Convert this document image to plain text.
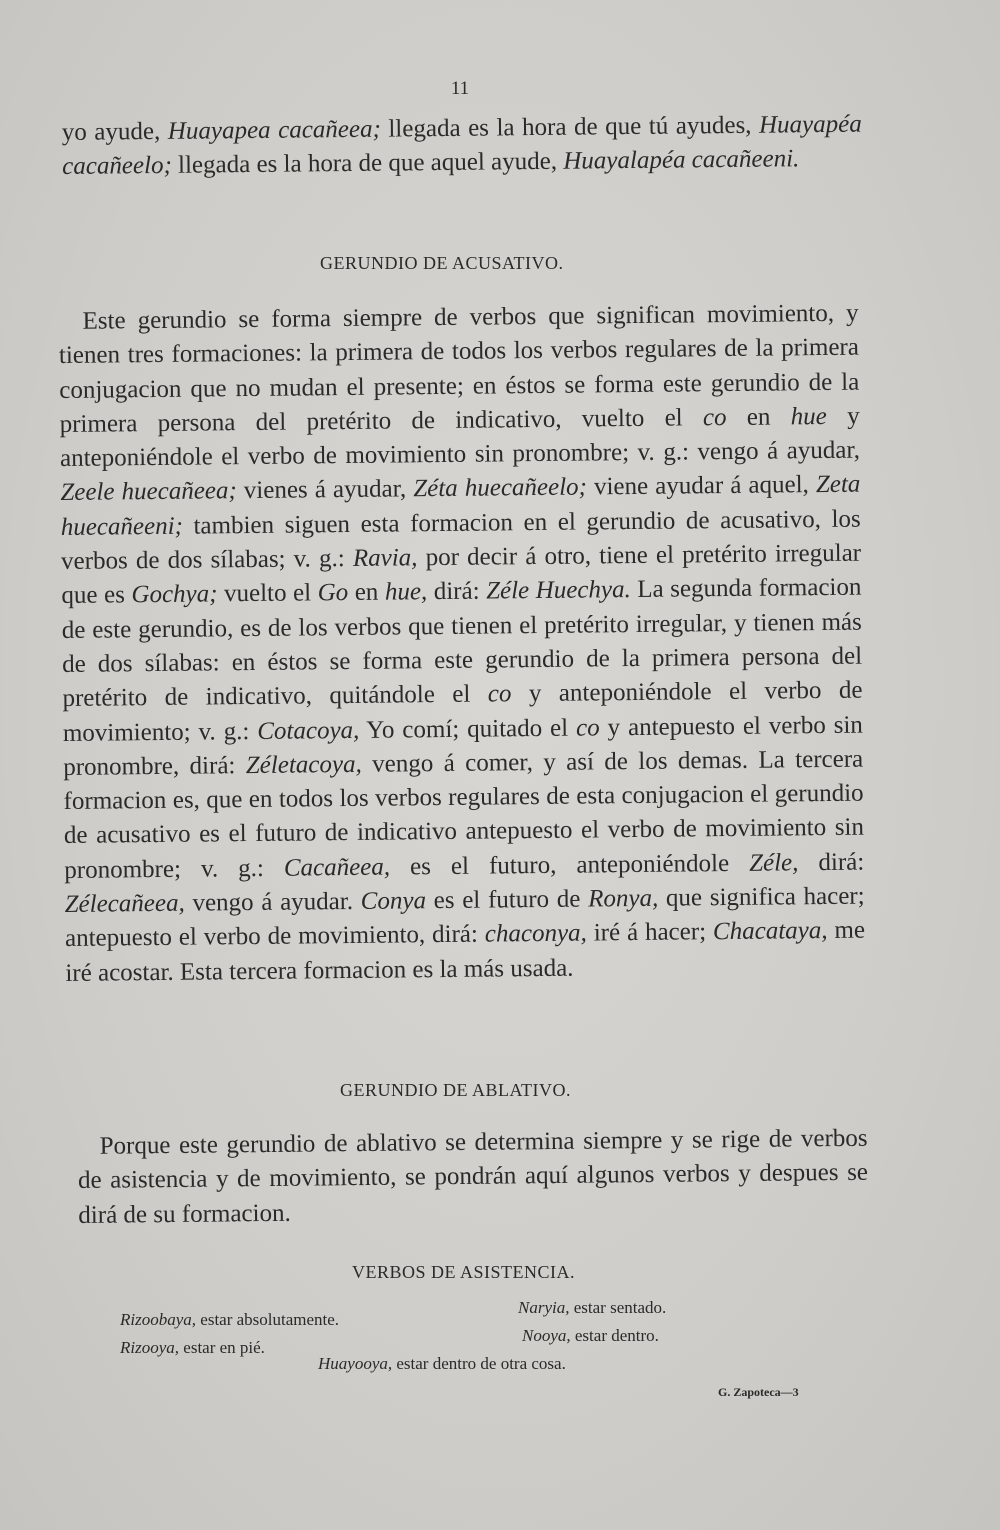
11
yo ayude, Huayapea cacañeea; llegada es la hora de que tú ayudes, Huayapéa cacañeelo; llegada es la hora de que aquel ayude, Huayalapéa cacañeeni.
GERUNDIO DE ACUSATIVO.
Este gerundio se forma siempre de verbos que significan movimiento, y tienen tres formaciones: la primera de todos los verbos regulares de la primera conjugacion que no mudan el presente; en éstos se forma este gerundio de la primera persona del pretérito de indicativo, vuelto el co en hue y anteponiéndole el verbo de movimiento sin pronombre; v. g.: vengo á ayudar, Zeele huecañeea; vienes á ayudar, Zéta huecañeelo; viene ayudar á aquel, Zeta huecañeeni; tambien siguen esta formacion en el gerundio de acusativo, los verbos de dos sílabas; v. g.: Ravia, por decir á otro, tiene el pretérito irregular que es Gochya; vuelto el Go en hue, dirá: Zéle Huechya. La segunda formacion de este gerundio, es de los verbos que tienen el pretérito irregular, y tienen más de dos sílabas: en éstos se forma este gerundio de la primera persona del pretérito de indicativo, quitándole el co y anteponiéndole el verbo de movimiento; v. g.: Cotacoya, Yo comí; quitado el co y antepuesto el verbo sin pronombre, dirá: Zéletacoya, vengo á comer, y así de los demas. La tercera formacion es, que en todos los verbos regulares de esta conjugacion el gerundio de acusativo es el futuro de indicativo antepuesto el verbo de movimiento sin pronombre; v. g.: Cacañeea, es el futuro, anteponiéndole Zéle, dirá: Zélecañeea, vengo á ayudar. Conya es el futuro de Ronya, que significa hacer; antepuesto el verbo de movimiento, dirá: chaconya, iré á hacer; Chacataya, me iré acostar. Esta tercera formacion es la más usada.
GERUNDIO DE ABLATIVO.
Porque este gerundio de ablativo se determina siempre y se rige de verbos de asistencia y de movimiento, se pondrán aquí algunos verbos y despues se dirá de su formacion.
VERBOS DE ASISTENCIA.
Rizoobaya, estar absolutamente.
Rizooya, estar en pié.
Naryia, estar sentado.
Nooya, estar dentro.
Huayooya, estar dentro de otra cosa.
G. Zapoteca—3
